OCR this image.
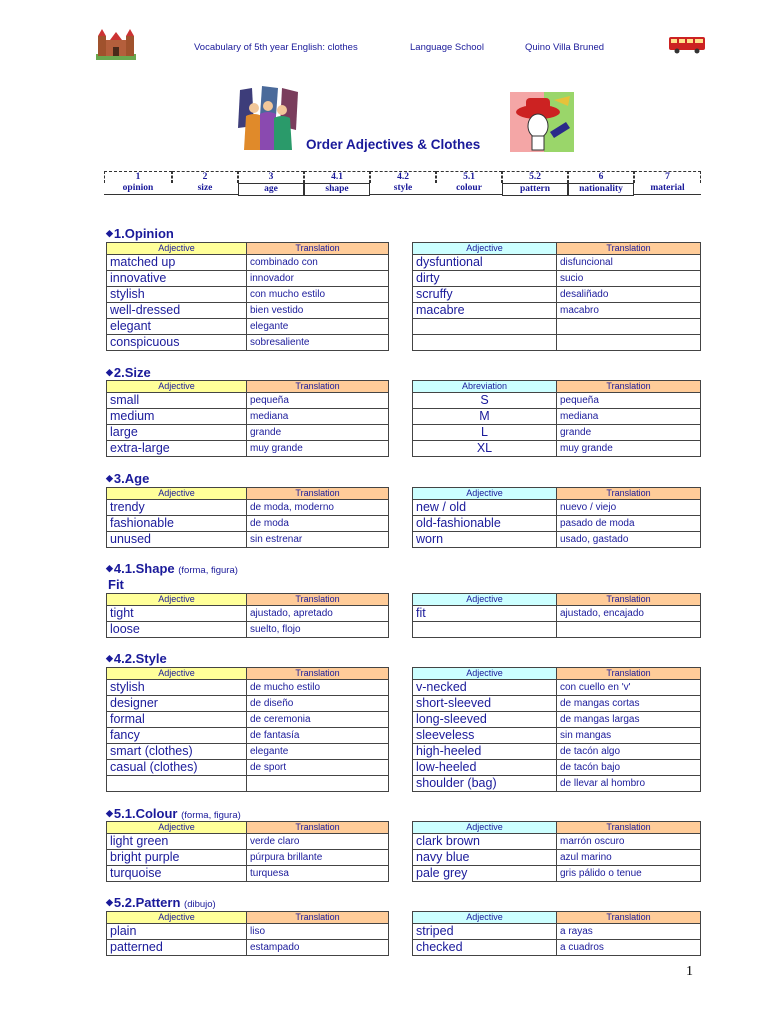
Vocabulary of 5th year English: clothes	Language School	Quino Villa Bruned
Order Adjectives & Clothes
1
opinion
2
size
3
age
4.1
shape
4.2
style
5.1
colour
5.2
pattern
6
nationality
7
material
◆1.Opinion
Adjective	Translation
matched up	combinado con
innovative	innovador
stylish	con mucho estilo
well-dressed	bien vestido
elegant	elegante
conspicuous	sobresaliente
Adjective	Translation
dysfuntional	disfuncional
dirty	sucio
scruffy	desaliñado
macabre	macabro

◆2.Size
Adjective	Translation
small	pequeña
medium	mediana
large	grande
extra-large	muy grande
Abreviation	Translation
S	pequeña
M	mediana
L	grande
XL	muy grande
◆3.Age
Adjective	Translation
trendy	de moda, moderno
fashionable	de moda
unused	sin estrenar
Adjective	Translation
new / old	nuevo / viejo
old-fashionable	pasado de moda
worn	usado, gastado
◆4.1.Shape (forma, figura)
Fit
Adjective	Translation
tight	ajustado, apretado
loose	suelto, flojo
Adjective	Translation
fit	ajustado, encajado

◆4.2.Style
Adjective	Translation
stylish	de mucho estilo
designer	de diseño
formal	de ceremonia
fancy	de fantasía
smart (clothes)	elegante
casual (clothes)	de sport

Adjective	Translation
v-necked	con cuello en 'v'
short-sleeved	de mangas cortas
long-sleeved	de mangas largas
sleeveless	sin mangas
high-heeled	de tacón algo
low-heeled	de tacón bajo
shoulder (bag)	de llevar al hombro
◆5.1.Colour (forma, figura)
Adjective	Translation
light green	verde claro
bright purple	púrpura brillante
turquoise	turquesa
Adjective	Translation
clark brown	marrón oscuro
navy blue	azul marino
pale grey	gris pálido o tenue
◆5.2.Pattern (dibujo)
Adjective	Translation
plain	liso
patterned	estampado
Adjective	Translation
striped	a rayas
checked	a cuadros
1
